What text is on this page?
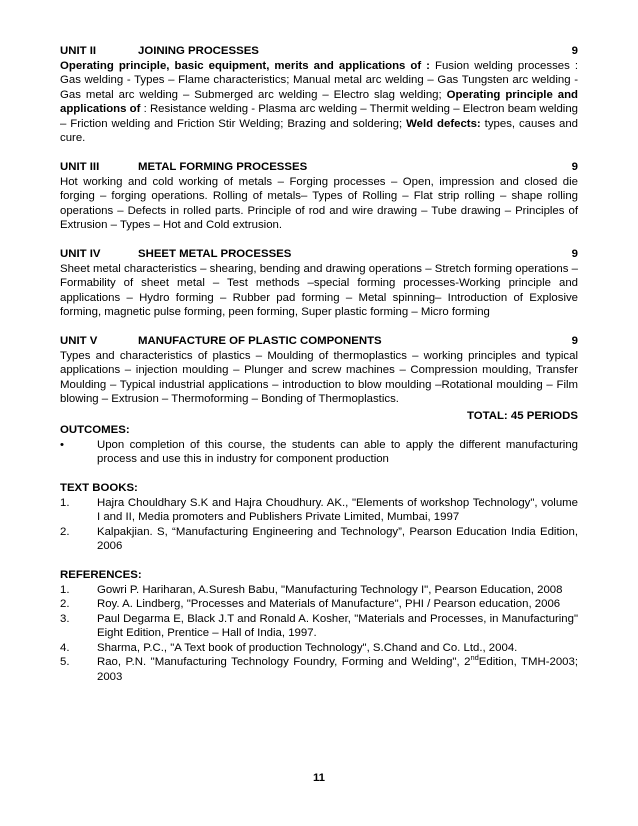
UNIT II	JOINING PROCESSES	9

Operating principle, basic equipment, merits and applications of : Fusion welding processes : Gas welding - Types – Flame characteristics; Manual metal arc welding – Gas Tungsten arc welding - Gas metal arc welding – Submerged arc welding – Electro slag welding; Operating principle and applications of : Resistance welding - Plasma arc welding – Thermit welding – Electron beam welding – Friction welding and Friction Stir Welding; Brazing and soldering; Weld defects: types, causes and cure.

UNIT III	METAL FORMING PROCESSES	9

Hot working and cold working of metals – Forging processes – Open, impression and closed die forging – forging operations. Rolling of metals– Types of Rolling – Flat strip rolling – shape rolling operations – Defects in rolled parts. Principle of rod and wire drawing – Tube drawing – Principles of Extrusion – Types – Hot and Cold extrusion.

UNIT IV	SHEET METAL PROCESSES	9

Sheet metal characteristics – shearing, bending and drawing operations – Stretch forming operations – Formability of sheet metal – Test methods –special forming processes-Working principle and applications – Hydro forming – Rubber pad forming – Metal spinning– Introduction of Explosive forming, magnetic pulse forming, peen forming, Super plastic forming – Micro forming

UNIT V	MANUFACTURE OF PLASTIC COMPONENTS	9

Types and characteristics of plastics – Moulding of thermoplastics – working principles and typical applications – injection moulding – Plunger and screw machines – Compression moulding, Transfer Moulding – Typical industrial applications – introduction to blow moulding –Rotational moulding – Film blowing – Extrusion – Thermoforming – Bonding of Thermoplastics.

TOTAL: 45 PERIODS
OUTCOMES:
•	Upon completion of this course, the students can able to apply the different manufacturing process and use this in industry for component production
TEXT BOOKS:
1.	Hajra Chouldhary S.K and Hajra Choudhury. AK., "Elements of workshop Technology", volume I and II, Media promoters and Publishers Private Limited, Mumbai, 1997
2.	Kalpakjian. S, “Manufacturing Engineering and Technology”, Pearson Education India Edition, 2006
REFERENCES:
1.	Gowri P. Hariharan, A.Suresh Babu, "Manufacturing Technology I", Pearson Education, 2008
2.	Roy. A. Lindberg, "Processes and Materials of Manufacture", PHI / Pearson education, 2006
3.	Paul Degarma E, Black J.T and Ronald A. Kosher, "Materials and Processes, in Manufacturing" Eight Edition, Prentice – Hall of India, 1997.
4.	Sharma, P.C., "A Text book of production Technology", S.Chand and Co. Ltd., 2004.
5.	Rao, P.N. "Manufacturing Technology Foundry, Forming and Welding", 2ndEdition, TMH-2003; 2003
11
